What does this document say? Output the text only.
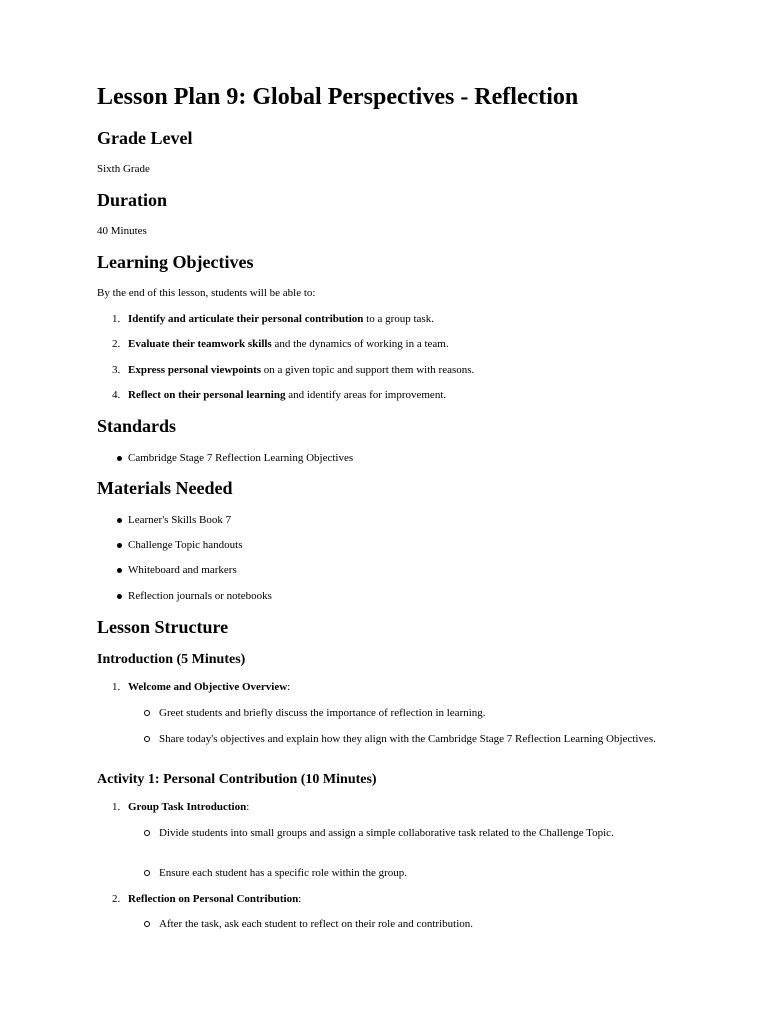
Lesson Plan 9: Global Perspectives - Reflection
Grade Level

Sixth Grade

Duration

40 Minutes

Learning Objectives

By the end of this lesson, students will be able to:

1. Identify and articulate their personal contribution to a group task.
2. Evaluate their teamwork skills and the dynamics of working in a team.
3. Express personal viewpoints on a given topic and support them with reasons.
4. Reflect on their personal learning and identify areas for improvement.
Standards
Cambridge Stage 7 Reflection Learning Objectives
Materials Needed
Learner's Skills Book 7
Challenge Topic handouts
Whiteboard and markers
Reflection journals or notebooks
Lesson Structure
Introduction (5 Minutes)
1. Welcome and Objective Overview:
Greet students and briefly discuss the importance of reflection in learning.
Share today's objectives and explain how they align with the Cambridge Stage 7 Reflection Learning Objectives.
Activity 1: Personal Contribution (10 Minutes)
1. Group Task Introduction:
Divide students into small groups and assign a simple collaborative task related to the Challenge Topic.
Ensure each student has a specific role within the group.
2. Reflection on Personal Contribution:
After the task, ask each student to reflect on their role and contribution.
